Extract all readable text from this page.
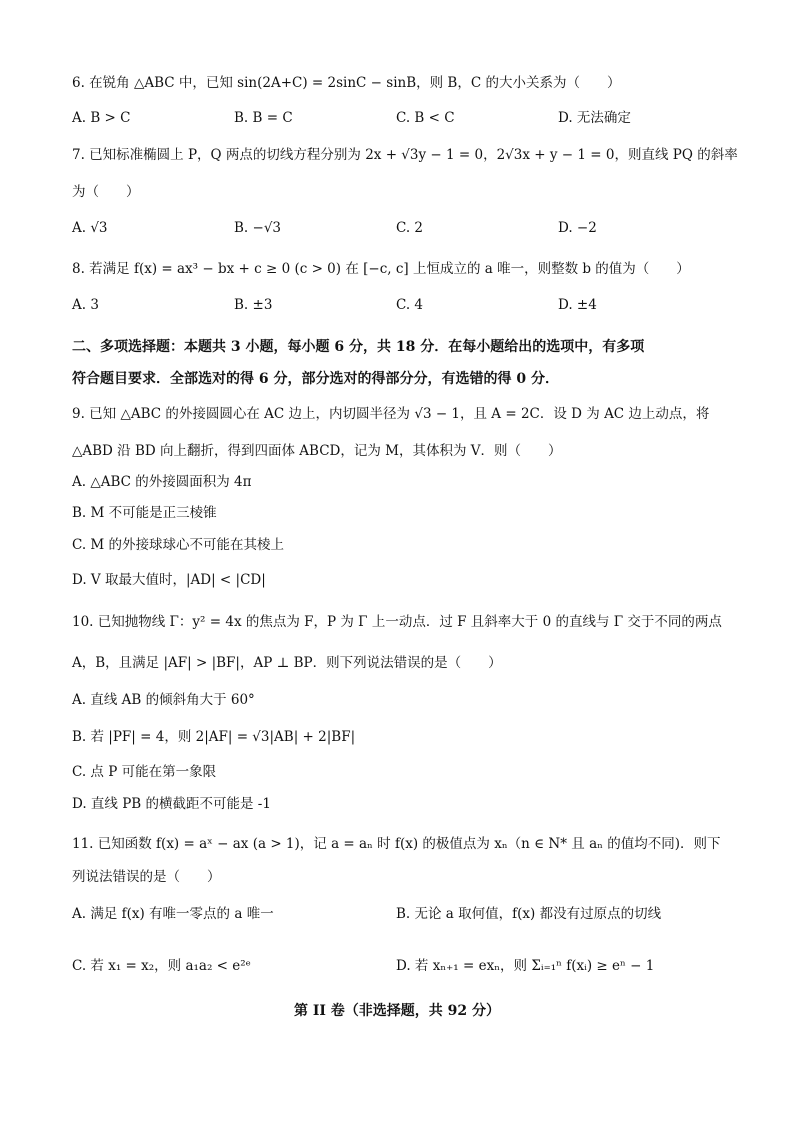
6. 在锐角 △ABC 中，已知 sin(2A+C) = 2sinC − sinB，则 B，C 的大小关系为（　　）
A. B > C	B. B = C	C. B < C	D. 无法确定
7. 已知标准椭圆上 P，Q 两点的切线方程分别为 2x + √3y − 1 = 0，2√3x + y − 1 = 0，则直线 PQ 的斜率
为（　　）
A. √3	B. −√3	C. 2	D. −2
8. 若满足 f(x) = ax³ − bx + c ≥ 0 (c > 0) 在 [−c, c] 上恒成立的 a 唯一，则整数 b 的值为（　　）
A. 3	B. ±3	C. 4	D. ±4
二、多项选择题：本题共 3 小题，每小题 6 分，共 18 分．在每小题给出的选项中，有多项
符合题目要求．全部选对的得 6 分，部分选对的得部分分，有选错的得 0 分．
9. 已知 △ABC 的外接圆圆心在 AC 边上，内切圆半径为 √3 − 1，且 A = 2C．设 D 为 AC 边上动点，将
△ABD 沿 BD 向上翻折，得到四面体 ABCD，记为 M，其体积为 V．则（　　）
A. △ABC 的外接圆面积为 4π
B. M 不可能是正三棱锥
C. M 的外接球球心不可能在其棱上
D. V 取最大值时，|AD| < |CD|
10. 已知抛物线 Γ：y² = 4x 的焦点为 F，P 为 Γ 上一动点．过 F 且斜率大于 0 的直线与 Γ 交于不同的两点
A，B，且满足 |AF| > |BF|，AP ⊥ BP．则下列说法错误的是（　　）
A. 直线 AB 的倾斜角大于 60°
B. 若 |PF| = 4，则 2|AF| = √3|AB| + 2|BF|
C. 点 P 可能在第一象限
D. 直线 PB 的横截距不可能是 -1
11. 已知函数 f(x) = aˣ − ax (a > 1)，记 a = aₙ 时 f(x) 的极值点为 xₙ（n ∈ N* 且 aₙ 的值均不同)．则下
列说法错误的是（　　）
A. 满足 f(x) 有唯一零点的 a 唯一	B. 无论 a 取何值，f(x) 都没有过原点的切线
C. 若 x₁ = x₂，则 a₁a₂ < e²ᵉ	D. 若 xₙ₊₁ = exₙ，则 Σᵢ₌₁ⁿ f(xᵢ) ≥ eⁿ − 1
第 II 卷（非选择题，共 92 分）
